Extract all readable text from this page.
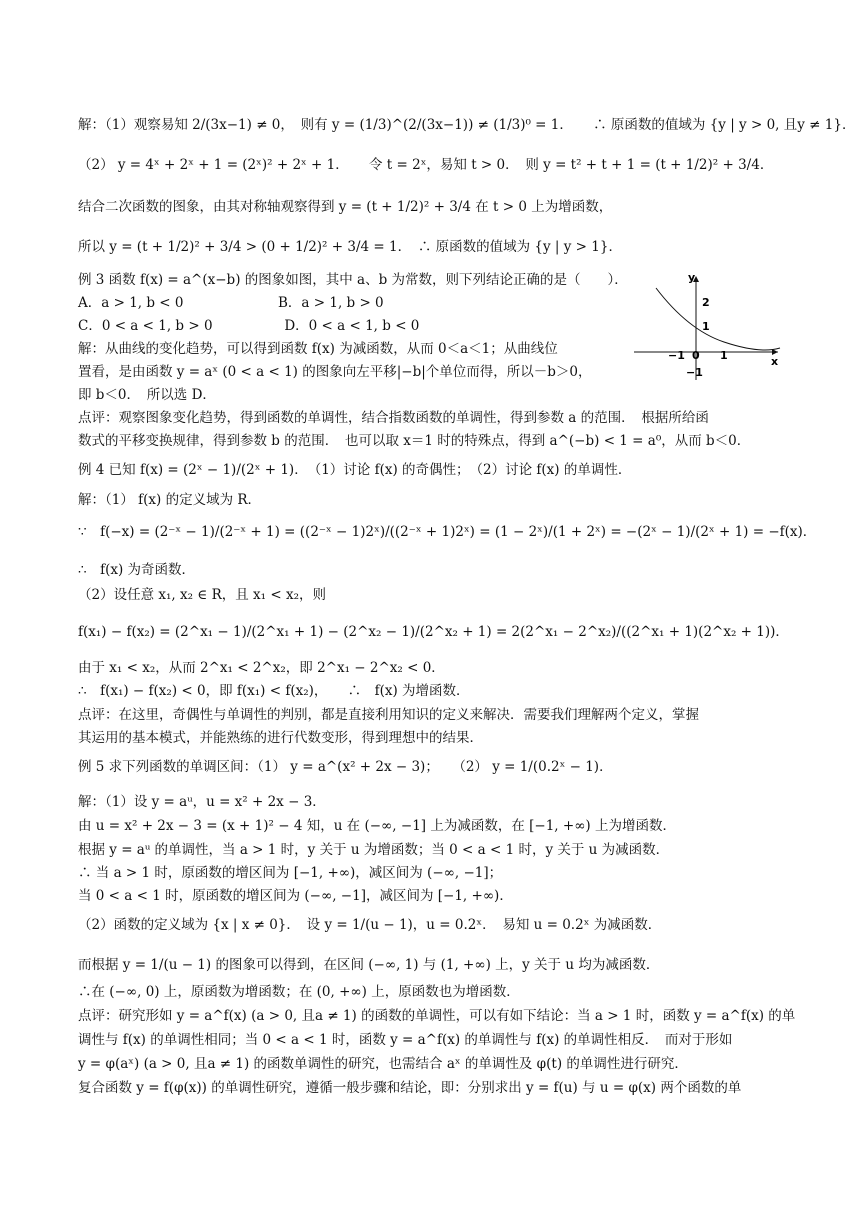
解：（1）观察易知 2/(3x−1) ≠ 0，　则有 y = (1/3)^(2/(3x−1)) ≠ (1/3)⁰ = 1．　　∴ 原函数的值域为 {y | y > 0, 且y ≠ 1}．
（2） y = 4ˣ + 2ˣ + 1 = (2ˣ)² + 2ˣ + 1．　　令 t = 2ˣ，易知 t > 0．　则 y = t² + t + 1 = (t + 1/2)² + 3/4．
结合二次函数的图象，由其对称轴观察得到 y = (t + 1/2)² + 3/4 在 t > 0 上为增函数，
所以 y = (t + 1/2)² + 3/4 > (0 + 1/2)² + 3/4 = 1．　∴ 原函数的值域为 {y | y > 1}．
例 3 函数 f(x) = a^(x−b) 的图象如图，其中 a、b 为常数，则下列结论正确的是（　　）．
A．a > 1, b < 0　　　　　　　B．a > 1, b > 0
C．0 < a < 1, b > 0　　　　　 D．0 < a < 1, b < 0
解：从曲线的变化趋势，可以得到函数 f(x) 为减函数，从而 0＜a＜1；从曲线位
置看，是由函数 y = aˣ (0 < a < 1) 的图象向左平移|−b|个单位而得，所以－b＞0，
即 b＜0．　所以选 D．
点评：观察图象变化趋势，得到函数的单调性，结合指数函数的单调性，得到参数 a 的范围．　根据所给函
数式的平移变换规律，得到参数 b 的范围．　也可以取 x＝1 时的特殊点，得到 a^(−b) < 1 = a⁰，从而 b＜0．
例 4 已知 f(x) = (2ˣ − 1)/(2ˣ + 1)．　（1）讨论 f(x) 的奇偶性；　（2）讨论 f(x) 的单调性．
解：（1） f(x) 的定义域为 R．
∵　f(−x) = (2⁻ˣ − 1)/(2⁻ˣ + 1) = ((2⁻ˣ − 1)2ˣ)/((2⁻ˣ + 1)2ˣ) = (1 − 2ˣ)/(1 + 2ˣ) = −(2ˣ − 1)/(2ˣ + 1) = −f(x)．
∴　f(x) 为奇函数．
（2）设任意 x₁, x₂ ∈ R，且 x₁ < x₂，则
f(x₁) − f(x₂) = (2^x₁ − 1)/(2^x₁ + 1) − (2^x₂ − 1)/(2^x₂ + 1) = 2(2^x₁ − 2^x₂)/((2^x₁ + 1)(2^x₂ + 1))．
由于 x₁ < x₂，从而 2^x₁ < 2^x₂，即 2^x₁ − 2^x₂ < 0．
∴　f(x₁) − f(x₂) < 0，即 f(x₁) < f(x₂)，　　∴　f(x) 为增函数．
点评：在这里，奇偶性与单调性的判别，都是直接利用知识的定义来解决．需要我们理解两个定义，掌握
其运用的基本模式，并能熟练的进行代数变形，得到理想中的结果．
例 5 求下列函数的单调区间：（1） y = a^(x² + 2x − 3)；　　（2） y = 1/(0.2ˣ − 1)．
解：（1）设 y = aᵘ，u = x² + 2x − 3．
由 u = x² + 2x − 3 = (x + 1)² − 4 知，u 在 (−∞, −1] 上为减函数，在 [−1, +∞) 上为增函数．
根据 y = aᵘ 的单调性，当 a > 1 时，y 关于 u 为增函数；当 0 < a < 1 时，y 关于 u 为减函数．
∴ 当 a > 1 时，原函数的增区间为 [−1, +∞)，减区间为 (−∞, −1]；
当 0 < a < 1 时，原函数的增区间为 (−∞, −1]，减区间为 [−1, +∞)．
（2）函数的定义域为 {x | x ≠ 0}．　设 y = 1/(u − 1)，u = 0.2ˣ．　易知 u = 0.2ˣ 为减函数．
而根据 y = 1/(u − 1) 的图象可以得到，在区间 (−∞, 1) 与 (1, +∞) 上，y 关于 u 均为减函数．
∴在 (−∞, 0) 上，原函数为增函数；在 (0, +∞) 上，原函数也为增函数．
点评：研究形如 y = a^f(x) (a > 0, 且a ≠ 1) 的函数的单调性，可以有如下结论：当 a > 1 时，函数 y = a^f(x) 的单
调性与 f(x) 的单调性相同；当 0 < a < 1 时，函数 y = a^f(x) 的单调性与 f(x) 的单调性相反．　而对于形如
y = φ(aˣ) (a > 0, 且a ≠ 1) 的函数单调性的研究，也需结合 aˣ 的单调性及 φ(t) 的单调性进行研究．
复合函数 y = f(φ(x)) 的单调性研究，遵循一般步骤和结论，即：分别求出 y = f(u) 与 u = φ(x) 两个函数的单
y
x
2
1
−1 0 1
−1
